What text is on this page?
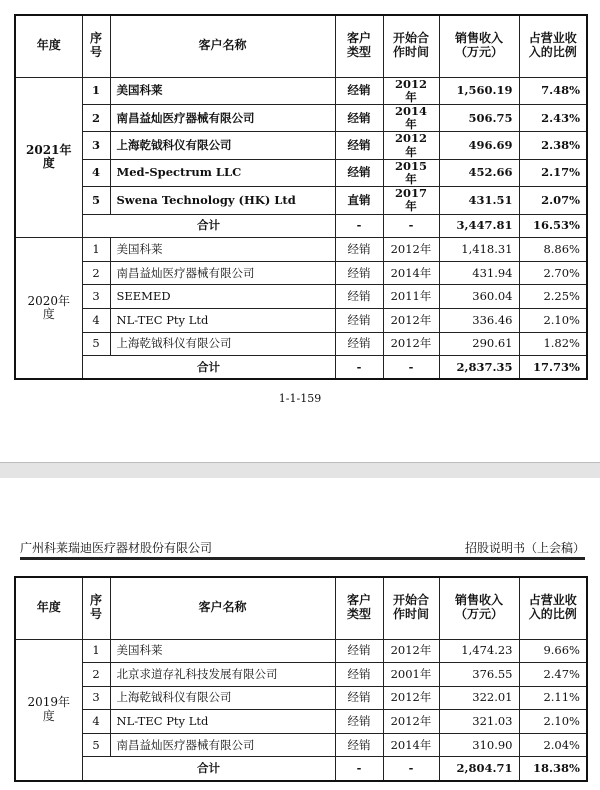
年度	序号	客户名称	客户类型	开始合作时间	销售收入（万元）	占营业收入的比例
2021年度	1	美国科莱	经销	2012年	1,560.19	7.48%
	2	南昌益灿医疗器械有限公司	经销	2014年	506.75	2.43%
	3	上海乾钺科仪有限公司	经销	2012年	496.69	2.38%
	4	Med-Spectrum LLC	经销	2015年	452.66	2.17%
	5	Swena Technology (HK) Ltd	直销	2017年	431.51	2.07%
	合计		-	-	3,447.81	16.53%
2020年度	1	美国科莱	经销	2012年	1,418.31	8.86%
	2	南昌益灿医疗器械有限公司	经销	2014年	431.94	2.70%
	3	SEEMED	经销	2011年	360.04	2.25%
	4	NL-TEC Pty Ltd	经销	2012年	336.46	2.10%
	5	上海乾钺科仪有限公司	经销	2012年	290.61	1.82%
	合计		-	-	2,837.35	17.73%
1-1-159
广州科莱瑞迪医疗器材股份有限公司	招股说明书（上会稿）
年度	序号	客户名称	客户类型	开始合作时间	销售收入（万元）	占营业收入的比例
2019年度	1	美国科莱	经销	2012年	1,474.23	9.66%
	2	北京求道存礼科技发展有限公司	经销	2001年	376.55	2.47%
	3	上海乾钺科仪有限公司	经销	2012年	322.01	2.11%
	4	NL-TEC Pty Ltd	经销	2012年	321.03	2.10%
	5	南昌益灿医疗器械有限公司	经销	2014年	310.90	2.04%
	合计		-	-	2,804.71	18.38%
